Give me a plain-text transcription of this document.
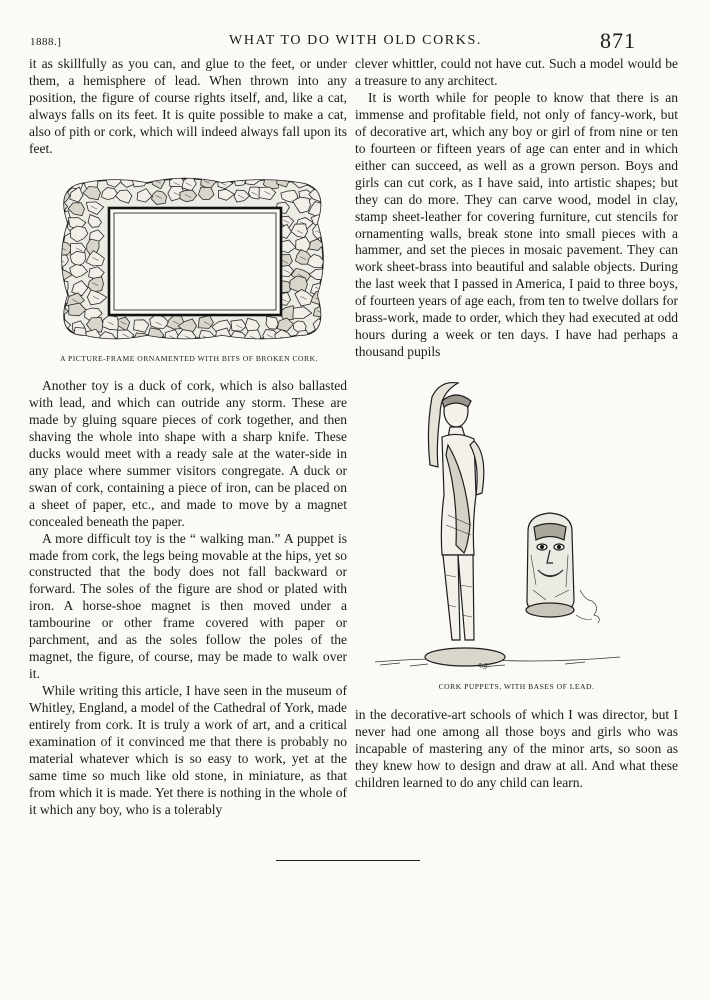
1888.]	WHAT TO DO WITH OLD CORKS.	871

it as skillfully as you can, and glue to the feet, or under them, a hemisphere of lead. When thrown into any position, the figure of course rights itself, and, like a cat, always falls on its feet. It is quite possible to make a cat, also of pith or cork, which will indeed always fall upon its feet.

A PICTURE-FRAME ORNAMENTED WITH BITS OF BROKEN CORK.

Another toy is a duck of cork, which is also ballasted with lead, and which can outride any storm. These are made by gluing square pieces of cork together, and then shaving the whole into shape with a sharp knife. These ducks would meet with a ready sale at the water-side in any place where summer visitors congregate. A duck or swan of cork, containing a piece of iron, can be placed on a sheet of paper, etc., and made to move by a magnet concealed beneath the paper.

A more difficult toy is the “ walking man.” A puppet is made from cork, the legs being movable at the hips, yet so constructed that the body does not fall backward or forward. The soles of the figure are shod or plated with iron. A horse-shoe magnet is then moved under a tambourine or other frame covered with paper or parchment, and as the soles follow the poles of the magnet, the figure, of course, may be made to walk over it.

While writing this article, I have seen in the museum of Whitley, England, a model of the Cathedral of York, made entirely from cork. It is truly a work of art, and a critical examination of it convinced me that there is probably no material whatever which is so easy to work, yet at the same time so much like old stone, in miniature, as that from which it is made. Yet there is nothing in the whole of it which any boy, who is a tolerably

clever whittler, could not have cut. Such a model would be a treasure to any architect.

It is worth while for people to know that there is an immense and profitable field, not only of fancy-work, but of decorative art, which any boy or girl of from nine or ten to fourteen or fifteen years of age can enter and in which either can succeed, as well as a grown person. Boys and girls can cut cork, as I have said, into artistic shapes; but they can do more. They can carve wood, model in clay, stamp sheet-leather for covering furniture, cut stencils for ornamenting walls, break stone into small pieces with a hammer, and set the pieces in mosaic pavement. They can work sheet-brass into beautiful and salable objects. During the last week that I passed in America, I paid to three boys, of fourteen years of age each, from ten to twelve dollars for brass-work, made to order, which they had executed at odd hours during a week or ten days. I have had perhaps a thousand pupils

e.g.
CORK PUPPETS, WITH BASES OF LEAD.

in the decorative-art schools of which I was director, but I never had one among all those boys and girls who was incapable of mastering any of the minor arts, so soon as they knew how to design and draw at all. And what these children learned to do any child can learn.
